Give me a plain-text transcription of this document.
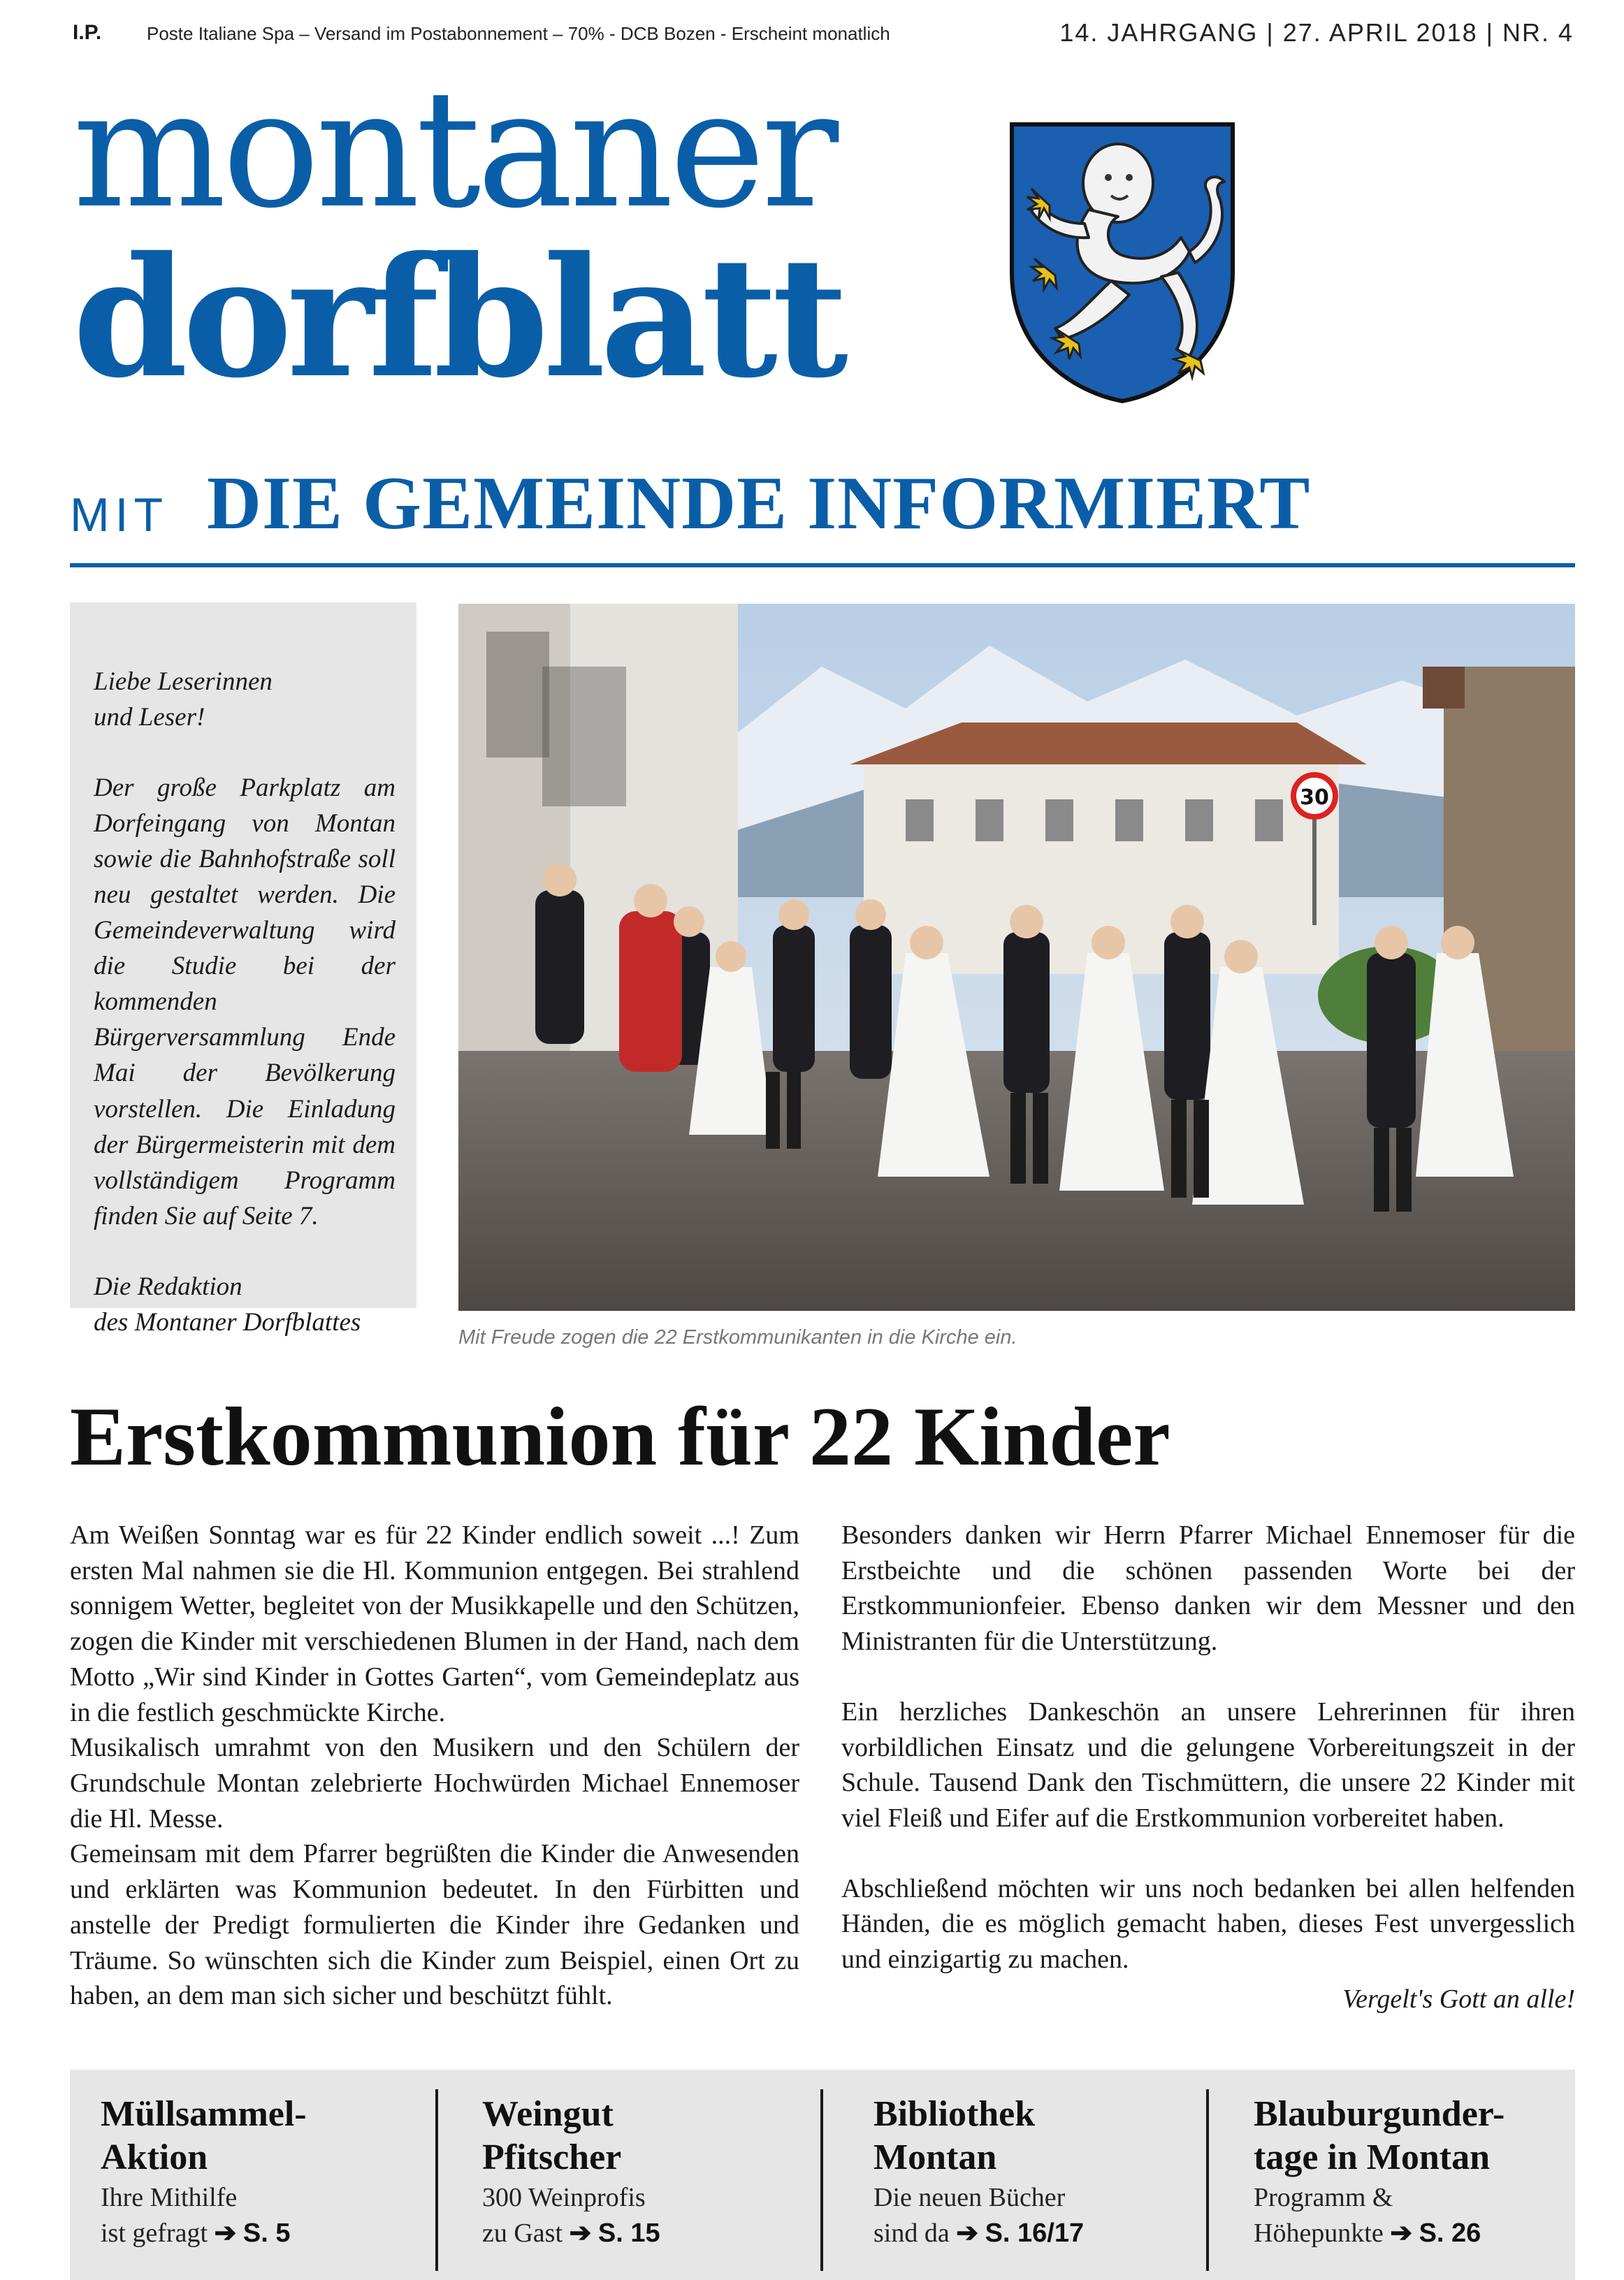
I.P. Poste Italiane Spa – Versand im Postabonnement – 70% - DCB Bozen - Erscheint monatlich	14. JAHRGANG | 27. APRIL 2018 | NR. 4
montaner
dorfblatt
MIT DIE GEMEINDE INFORMIERT

Liebe Leserinnen
und Leser!

Der große Parkplatz am Dorfeingang von Montan sowie die Bahnhofstraße soll neu gestaltet werden. Die Gemeindeverwaltung wird die Studie bei der kommenden Bürgerversammlung Ende Mai der Bevölkerung vorstellen. Die Einladung der Bürgermeisterin mit dem vollständigem Programm finden Sie auf Seite 7.

Die Redaktion
des Montaner Dorfblattes

30
Mit Freude zogen die 22 Erstkommunikanten in die Kirche ein.
Erstkommunion für 22 Kinder

Am Weißen Sonntag war es für 22 Kinder endlich soweit ...! Zum ersten Mal nahmen sie die Hl. Kommunion entgegen. Bei strahlend sonnigem Wetter, begleitet von der Musikkapelle und den Schützen, zogen die Kinder mit verschiedenen Blumen in der Hand, nach dem Motto „Wir sind Kinder in Gottes Garten“, vom Gemeindeplatz aus in die festlich geschmückte Kirche.

Musikalisch umrahmt von den Musikern und den Schülern der Grundschule Montan zelebrierte Hochwürden Michael Ennemoser die Hl. Messe.

Gemeinsam mit dem Pfarrer begrüßten die Kinder die Anwesenden und erklärten was Kommunion bedeutet. In den Fürbitten und anstelle der Predigt formulierten die Kinder ihre Gedanken und Träume. So wünschten sich die Kinder zum Beispiel, einen Ort zu haben, an dem man sich sicher und beschützt fühlt.

Besonders danken wir Herrn Pfarrer Michael Ennemoser für die Erstbeichte und die schönen passenden Worte bei der Erstkommunionfeier. Ebenso danken wir dem Messner und den Ministranten für die Unterstützung.

Ein herzliches Dankeschön an unsere Lehrerinnen für ihren vorbildlichen Einsatz und die gelungene Vorbereitungszeit in der Schule. Tausend Dank den Tischmüttern, die unsere 22 Kinder mit viel Fleiß und Eifer auf die Erstkommunion vorbereitet haben.

Abschließend möchten wir uns noch bedanken bei allen helfenden Händen, die es möglich gemacht haben, dieses Fest unvergesslich und einzigartig zu machen.

Vergelt's Gott an alle!

Müllsammel-
Aktion
Ihre Mithilfe
ist gefragt ➔ S. 5
Weingut
Pfitscher
300 Weinprofis
zu Gast ➔ S. 15
Bibliothek
Montan
Die neuen Bücher
sind da ➔ S. 16/17
Blauburgunder-
tage in Montan
Programm &
Höhepunkte ➔ S. 26
